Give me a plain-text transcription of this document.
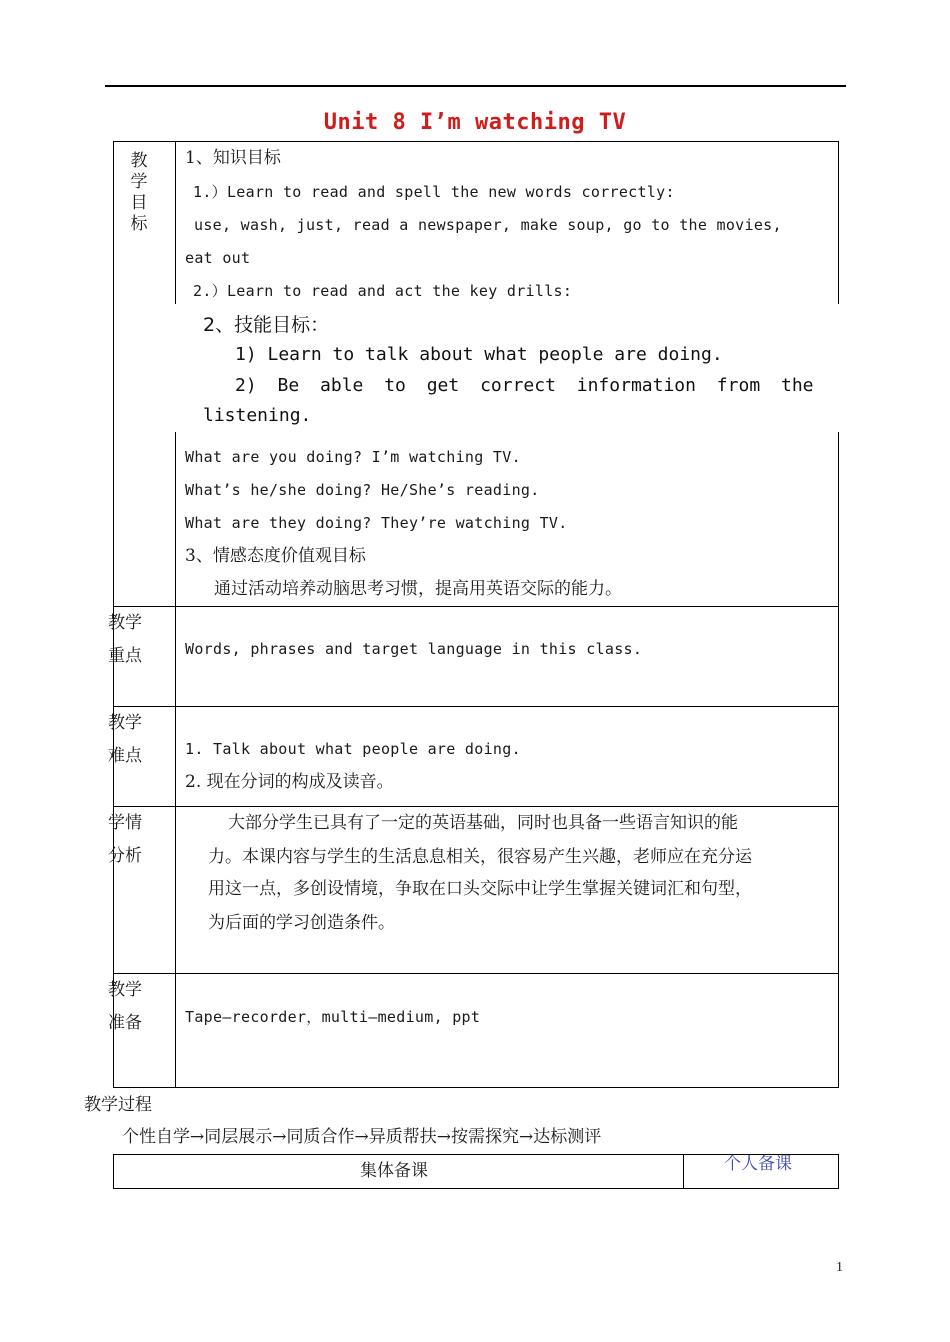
Unit 8 I’m watching TV
教学目标
1、知识目标
1.）Learn to read and spell the new words correctly:
use, wash, just, read a newspaper, make soup, go to the movies,
eat out
2.）Learn to read and act the key drills:
2、技能目标：
1) Learn to talk about what people are doing.
2) Be able to get correct information from the
listening.
What are you doing? I’m watching TV.
What’s he/she doing? He/She’s reading.
What are they doing? They’re watching TV.
3、情感态度价值观目标
通过活动培养动脑思考习惯，提高用英语交际的能力。
教学重点	Words, phrases and target language in this class.
教学难点	1. Talk about what people are doing.
2. 现在分词的构成及读音。
学情分析
大部分学生已具有了一定的英语基础，同时也具备一些语言知识的能
力。本课内容与学生的生活息息相关，很容易产生兴趣，老师应在充分运
用这一点，多创设情境，争取在口头交际中让学生掌握关键词汇和句型，
为后面的学习创造条件。
教学准备	Tape—recorder，multi—medium, ppt
教学过程
个性自学→同层展示→同质合作→异质帮扶→按需探究→达标测评
集体备课	个人备课
1
